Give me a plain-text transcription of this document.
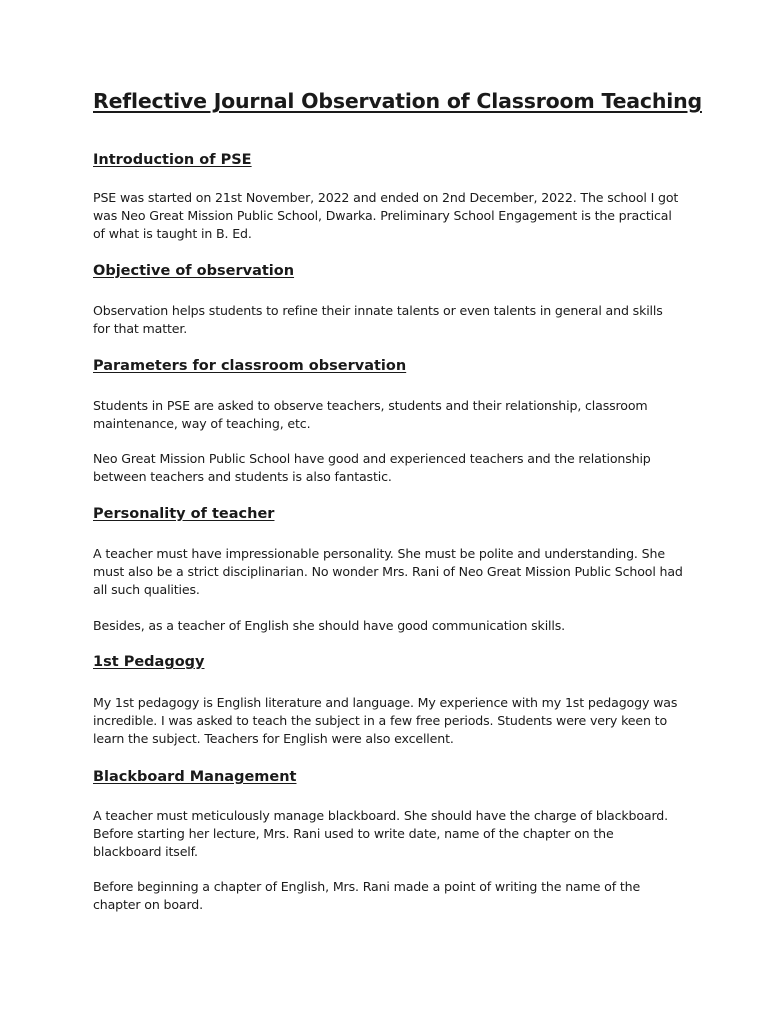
Reflective Journal Observation of Classroom Teaching
Introduction of PSE

PSE was started on 21st November, 2022 and ended on 2nd December, 2022. The school I got was Neo Great Mission Public School, Dwarka. Preliminary School Engagement is the practical of what is taught in B. Ed.

Objective of observation

Observation helps students to refine their innate talents or even talents in general and skills for that matter.

Parameters for classroom observation

Students in PSE are asked to observe teachers, students and their relationship, classroom maintenance, way of teaching, etc.

Neo Great Mission Public School have good and experienced teachers and the relationship between teachers and students is also fantastic.

Personality of teacher

A teacher must have impressionable personality. She must be polite and understanding. She must also be a strict disciplinarian. No wonder Mrs. Rani of Neo Great Mission Public School had all such qualities.

Besides, as a teacher of English she should have good communication skills.

1st Pedagogy

My 1st pedagogy is English literature and language. My experience with my 1st pedagogy was incredible. I was asked to teach the subject in a few free periods. Students were very keen to learn the subject. Teachers for English were also excellent.

Blackboard Management

A teacher must meticulously manage blackboard. She should have the charge of blackboard. Before starting her lecture, Mrs. Rani used to write date, name of the chapter on the blackboard itself.

Before beginning a chapter of English, Mrs. Rani made a point of writing the name of the chapter on board.
